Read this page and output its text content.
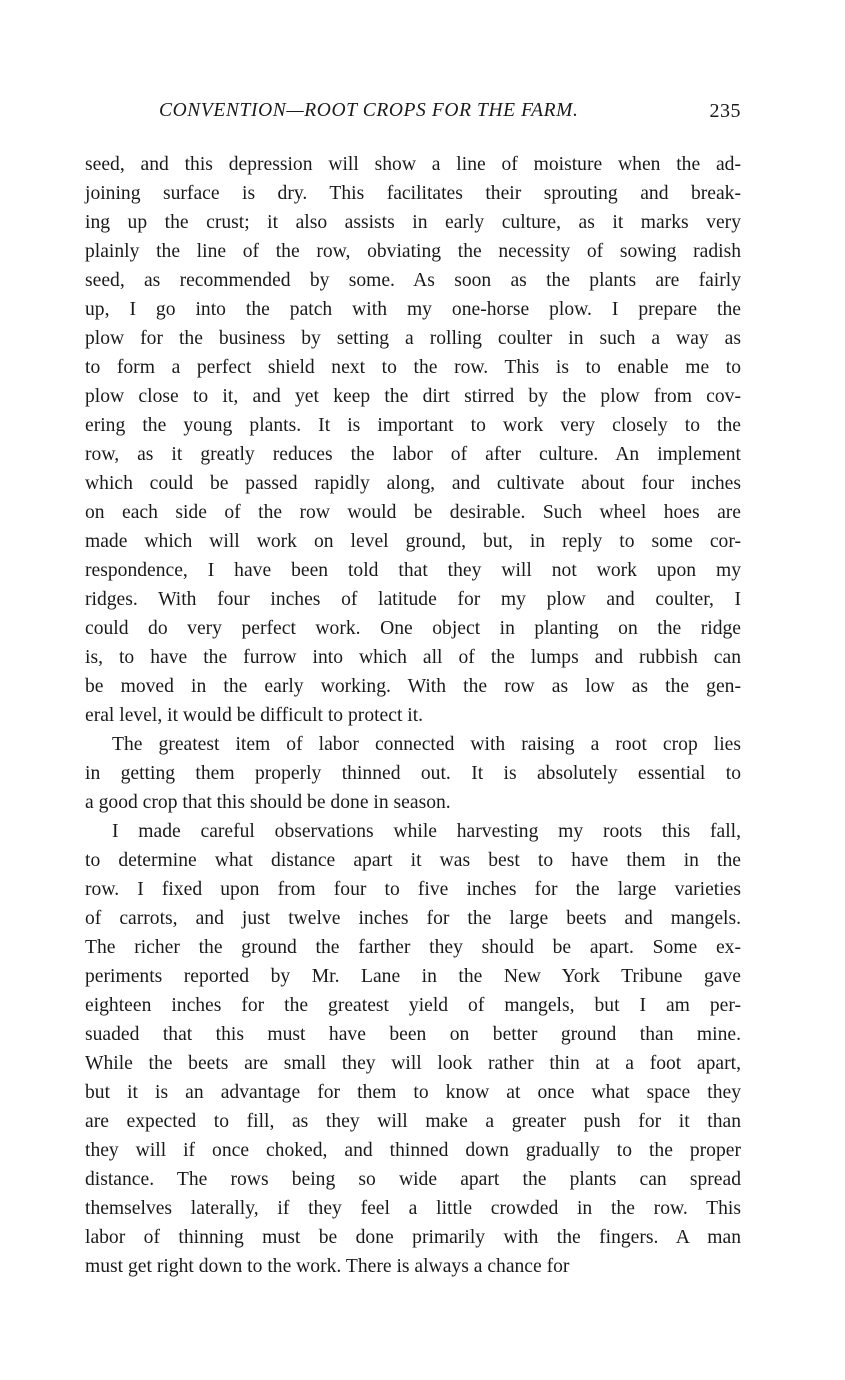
CONVENTION—ROOT CROPS FOR THE FARM.	235
seed, and this depression will show a line of moisture when the ad-
joining surface is dry. This facilitates their sprouting and break-
ing up the crust; it also assists in early culture, as it marks very
plainly the line of the row, obviating the necessity of sowing radish
seed, as recommended by some. As soon as the plants are fairly
up, I go into the patch with my one-horse plow. I prepare the
plow for the business by setting a rolling coulter in such a way as
to form a perfect shield next to the row. This is to enable me to
plow close to it, and yet keep the dirt stirred by the plow from cov-
ering the young plants. It is important to work very closely to the
row, as it greatly reduces the labor of after culture. An implement
which could be passed rapidly along, and cultivate about four inches
on each side of the row would be desirable. Such wheel hoes are
made which will work on level ground, but, in reply to some cor-
respondence, I have been told that they will not work upon my
ridges. With four inches of latitude for my plow and coulter, I
could do very perfect work. One object in planting on the ridge
is, to have the furrow into which all of the lumps and rubbish can
be moved in the early working. With the row as low as the gen-
eral level, it would be difficult to protect it.
The greatest item of labor connected with raising a root crop lies
in getting them properly thinned out. It is absolutely essential to
a good crop that this should be done in season.
I made careful observations while harvesting my roots this fall,
to determine what distance apart it was best to have them in the
row. I fixed upon from four to five inches for the large varieties
of carrots, and just twelve inches for the large beets and mangels.
The richer the ground the farther they should be apart. Some ex-
periments reported by Mr. Lane in the New York Tribune gave
eighteen inches for the greatest yield of mangels, but I am per-
suaded that this must have been on better ground than mine.
While the beets are small they will look rather thin at a foot apart,
but it is an advantage for them to know at once what space they
are expected to fill, as they will make a greater push for it than
they will if once choked, and thinned down gradually to the proper
distance. The rows being so wide apart the plants can spread
themselves laterally, if they feel a little crowded in the row. This
labor of thinning must be done primarily with the fingers. A man
must get right down to the work. There is always a chance for
